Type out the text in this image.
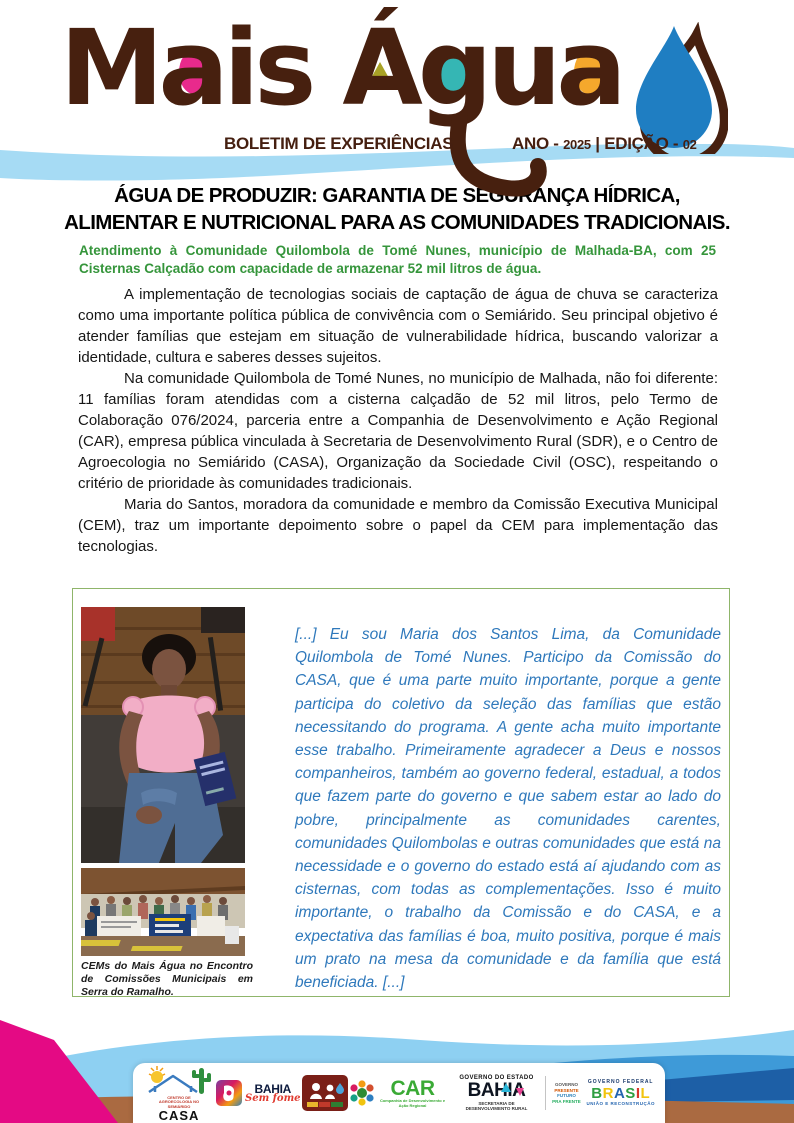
Mais Água
BOLETIM DE EXPERIÊNCIAS	ANO - 2025 | EDIÇÃO - 02
ÁGUA DE PRODUZIR: GARANTIA DE SEGURANÇA HÍDRICA,
ALIMENTAR E NUTRICIONAL PARA AS COMUNIDADES TRADICIONAIS.
Atendimento à Comunidade Quilombola de Tomé Nunes, município de Malhada-BA, com 25 Cisternas Calçadão com capacidade de armazenar 52 mil litros de água.

A implementação de tecnologias sociais de captação de água de chuva se caracteriza como uma importante política pública de convivência com o Semiárido. Seu principal objetivo é atender famílias que estejam em situação de vulnerabilidade hídrica, buscando valorizar a identidade, cultura e saberes desses sujeitos.

Na comunidade Quilombola de Tomé Nunes, no município de Malhada, não foi diferente: 11 famílias foram atendidas com a cisterna calçadão de 52 mil litros, pelo Termo de Colaboração 076/2024, parceria entre a Companhia de Desenvolvimento e Ação Regional (CAR), empresa pública vinculada à Secretaria de Desenvolvimento Rural (SDR), e o Centro de Agroecologia no Semiárido (CASA), Organização da Sociedade Civil (OSC), respeitando o critério de prioridade às comunidades tradicionais.

Maria do Santos, moradora da comunidade e membro da Comissão Executiva Municipal (CEM), traz um importante depoimento sobre o papel da CEM para implementação das tecnologias.

CEMs do Mais Água no Encontro de Comissões Municipais em Serra do Ramalho.
[...] Eu sou Maria dos Santos Lima, da Comunidade Quilombola de Tomé Nunes. Participo da Comissão do CASA, que é uma parte muito importante, porque a gente participa do coletivo da seleção das famílias que estão necessitando do programa. A gente acha muito importante esse trabalho. Primeiramente agradecer a Deus e nossos companheiros, também ao governo federal, estadual, a todos que fazem parte do governo e que sabem estar ao lado do pobre, principalmente as comunidades carentes, comunidades Quilombolas e outras comunidades que está na necessidade e o governo do estado está aí ajudando com as cisternas, com todas as complementações. Isso é muito importante, o trabalho da Comissão e do CASA, e a expectativa das famílias é boa, muito positiva, porque é mais um prato na mesa da comunidade e da família que está beneficiada. [...]
CENTRO DE AGROECOLOGIA NO SEMIÁRIDO
CASA
BAHIA
Sem fome	CAR
Companhia de Desenvolvimento e Ação Regional
GOVERNO DO ESTADO
BAHIA
SECRETARIA DE DESENVOLVIMENTO RURAL
GOVERNO
PRESENTE
FUTURO
PRA FRENTE
GOVERNO FEDERAL
BRASIL
UNIÃO E RECONSTRUÇÃO
